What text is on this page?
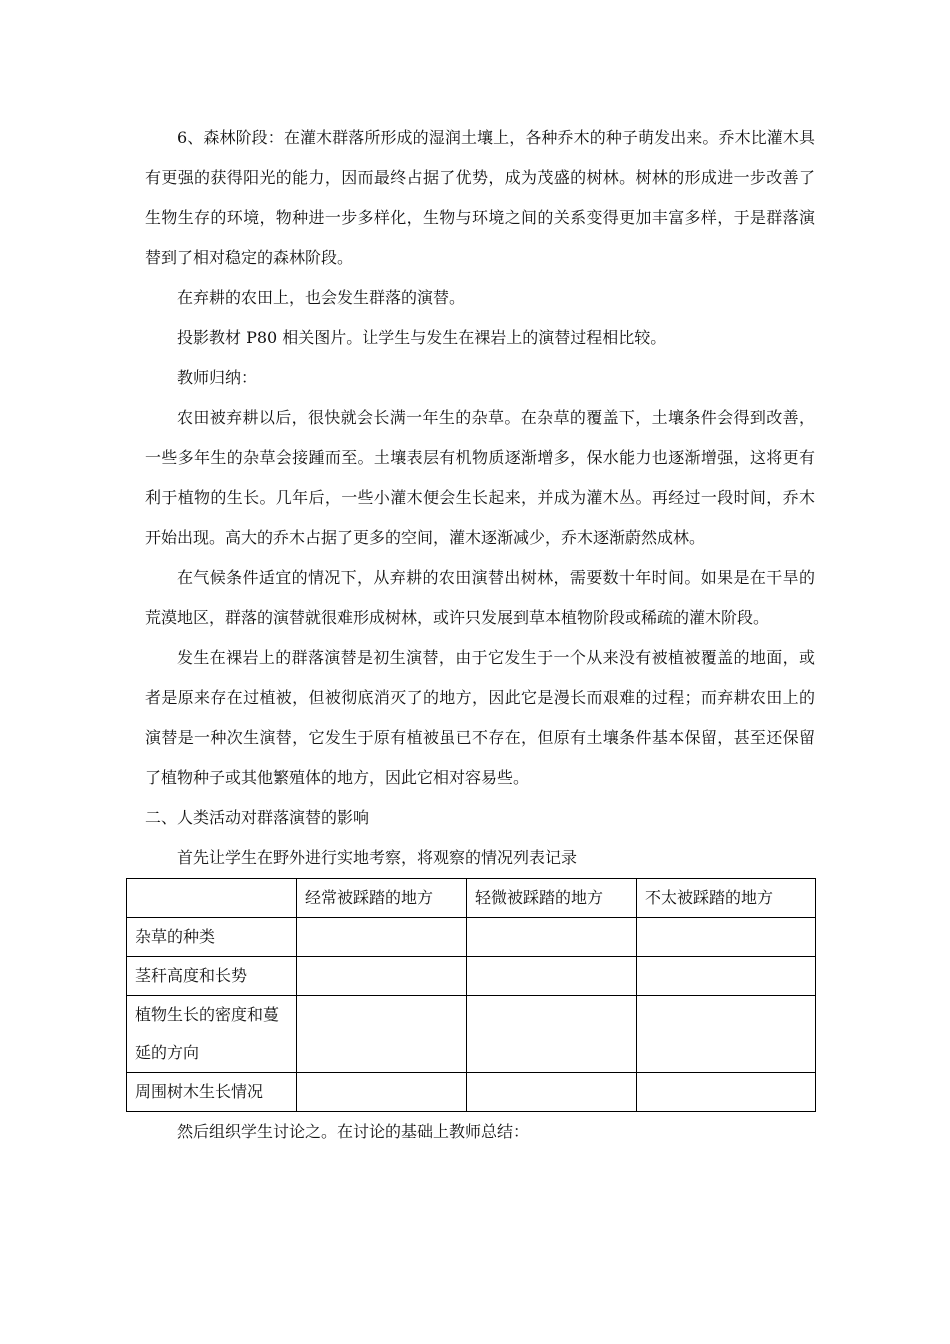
6、森林阶段：在灌木群落所形成的湿润土壤上，各种乔木的种子萌发出来。乔木比灌木具有更强的获得阳光的能力，因而最终占据了优势，成为茂盛的树林。树林的形成进一步改善了生物生存的环境，物种进一步多样化，生物与环境之间的关系变得更加丰富多样，于是群落演替到了相对稳定的森林阶段。

在弃耕的农田上，也会发生群落的演替。

投影教材 P80 相关图片。让学生与发生在裸岩上的演替过程相比较。

教师归纳：

农田被弃耕以后，很快就会长满一年生的杂草。在杂草的覆盖下，土壤条件会得到改善，一些多年生的杂草会接踵而至。土壤表层有机物质逐渐增多，保水能力也逐渐增强，这将更有利于植物的生长。几年后，一些小灌木便会生长起来，并成为灌木丛。再经过一段时间，乔木开始出现。高大的乔木占据了更多的空间，灌木逐渐减少，乔木逐渐蔚然成林。

在气候条件适宜的情况下，从弃耕的农田演替出树林，需要数十年时间。如果是在干旱的荒漠地区，群落的演替就很难形成树林，或许只发展到草本植物阶段或稀疏的灌木阶段。

发生在裸岩上的群落演替是初生演替，由于它发生于一个从来没有被植被覆盖的地面，或者是原来存在过植被，但被彻底消灭了的地方，因此它是漫长而艰难的过程；而弃耕农田上的演替是一种次生演替，它发生于原有植被虽已不存在，但原有土壤条件基本保留，甚至还保留了植物种子或其他繁殖体的地方，因此它相对容易些。

二、人类活动对群落演替的影响

首先让学生在野外进行实地考察，将观察的情况列表记录

	经常被踩踏的地方	轻微被踩踏的地方	不太被踩踏的地方
杂草的种类			
茎秆高度和长势			
植物生长的密度和蔓延的方向			
周围树木生长情况			

然后组织学生讨论之。在讨论的基础上教师总结：
